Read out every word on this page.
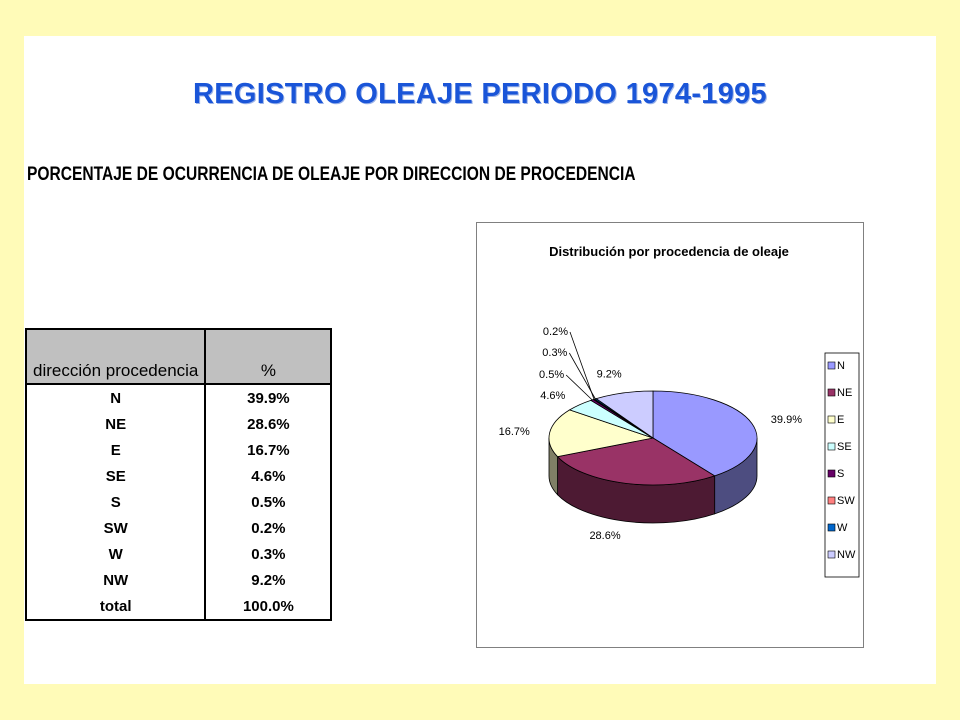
REGISTRO OLEAJE PERIODO 1974-1995
PORCENTAJE DE OCURRENCIA DE OLEAJE POR DIRECCION DE PROCEDENCIA
dirección procedencia	%
N	39.9%
NE	28.6%
E	16.7%
SE	4.6%
S	0.5%
SW	0.2%
W	0.3%
NW	9.2%
total	100.0%
Distribución por procedencia de oleaje
39.9%
28.6%
16.7%
4.6%
0.5%
0.2%
0.3%
9.2%
N
NE
E
SE
S
SW
W
NW
